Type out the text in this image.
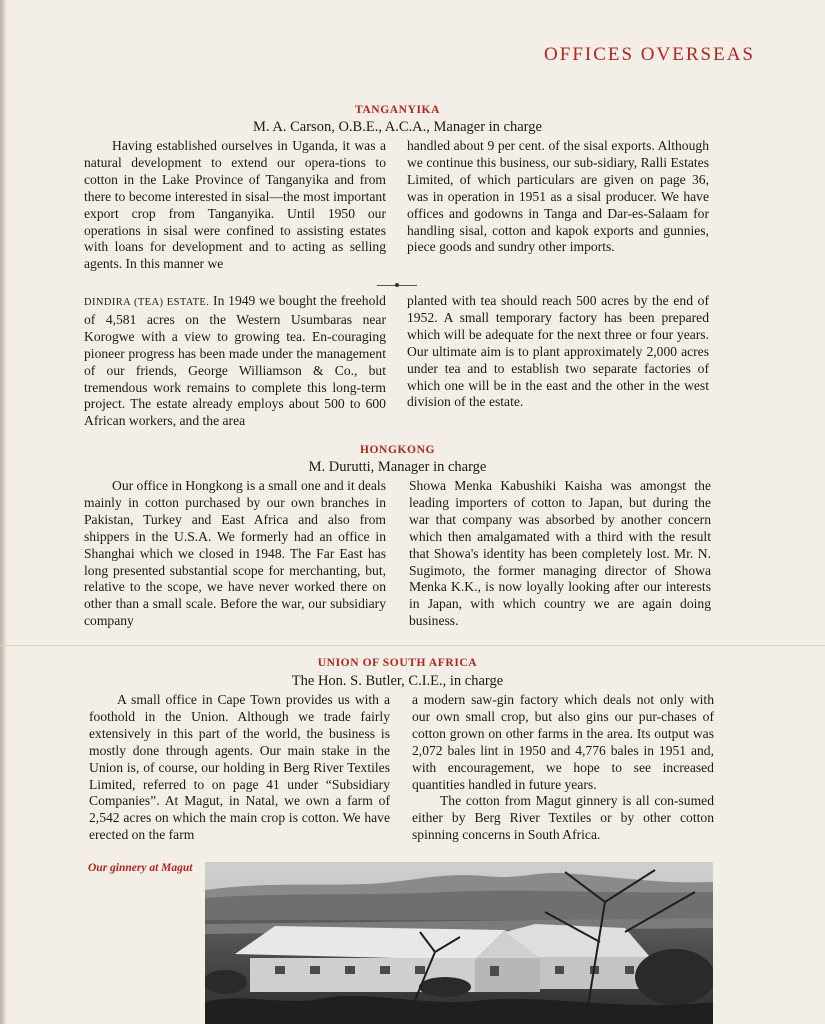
OFFICES OVERSEAS
TANGANYIKA
M. A. Carson, O.B.E., A.C.A., Manager in charge

Having established ourselves in Uganda, it was a natural development to extend our opera-tions to cotton in the Lake Province of Tanganyika and from there to become interested in sisal—the most important export crop from Tanganyika. Until 1950 our operations in sisal were confined to assisting estates with loans for development and to acting as selling agents. In this manner we

handled about 9 per cent. of the sisal exports. Although we continue this business, our sub-sidiary, Ralli Estates Limited, of which particulars are given on page 36, was in operation in 1951 as a sisal producer. We have offices and godowns in Tanga and Dar-es-Salaam for handling sisal, cotton and kapok exports and gunnies, piece goods and sundry other imports.

DINDIRA (TEA) ESTATE. In 1949 we bought the freehold of 4,581 acres on the Western Usumbaras near Korogwe with a view to growing tea. En-couraging pioneer progress has been made under the management of our friends, George Williamson & Co., but tremendous work remains to complete this long-term project. The estate already employs about 500 to 600 African workers, and the area

planted with tea should reach 500 acres by the end of 1952. A small temporary factory has been prepared which will be adequate for the next three or four years. Our ultimate aim is to plant approximately 2,000 acres under tea and to establish two separate factories of which one will be in the east and the other in the west division of the estate.

HONGKONG
M. Durutti, Manager in charge

Our office in Hongkong is a small one and it deals mainly in cotton purchased by our own branches in Pakistan, Turkey and East Africa and also from shippers in the U.S.A. We formerly had an office in Shanghai which we closed in 1948. The Far East has long presented substantial scope for merchanting, but, relative to the scope, we have never worked there on other than a small scale. Before the war, our subsidiary company

Showa Menka Kabushiki Kaisha was amongst the leading importers of cotton to Japan, but during the war that company was absorbed by another concern which then amalgamated with a third with the result that Showa's identity has been completely lost. Mr. N. Sugimoto, the former managing director of Showa Menka K.K., is now loyally looking after our interests in Japan, with which country we are again doing business.

UNION OF SOUTH AFRICA
The Hon. S. Butler, C.I.E., in charge

A small office in Cape Town provides us with a foothold in the Union. Although we trade fairly extensively in this part of the world, the business is mostly done through agents. Our main stake in the Union is, of course, our holding in Berg River Textiles Limited, referred to on page 41 under “Subsidiary Companies”. At Magut, in Natal, we own a farm of 2,542 acres on which the main crop is cotton. We have erected on the farm

a modern saw-gin factory which deals not only with our own small crop, but also gins our pur-chases of cotton grown on other farms in the area. Its output was 2,072 bales lint in 1950 and 4,776 bales in 1951 and, with encouragement, we hope to see increased quantities handled in future years.

The cotton from Magut ginnery is all con-sumed either by Berg River Textiles or by other cotton spinning concerns in South Africa.

Our ginnery at Magut
